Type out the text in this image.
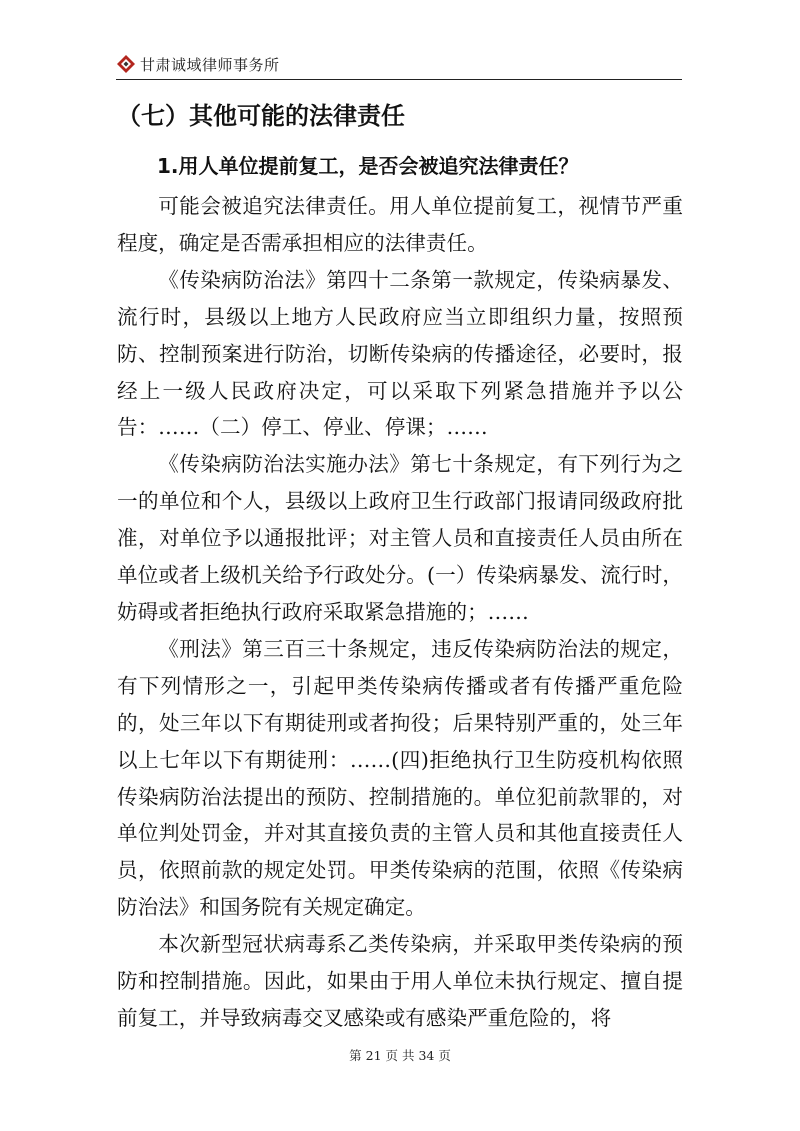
甘肃诚域律师事务所
（七）其他可能的法律责任
1.用人单位提前复工，是否会被追究法律责任？

可能会被追究法律责任。用人单位提前复工，视情节严重程度，确定是否需承担相应的法律责任。

《传染病防治法》第四十二条第一款规定，传染病暴发、流行时，县级以上地方人民政府应当立即组织力量，按照预防、控制预案进行防治，切断传染病的传播途径，必要时，报经上一级人民政府决定，可以采取下列紧急措施并予以公告：……（二）停工、停业、停课；……

《传染病防治法实施办法》第七十条规定，有下列行为之一的单位和个人，县级以上政府卫生行政部门报请同级政府批准，对单位予以通报批评；对主管人员和直接责任人员由所在单位或者上级机关给予行政处分。(一）传染病暴发、流行时，妨碍或者拒绝执行政府采取紧急措施的；……

《刑法》第三百三十条规定，违反传染病防治法的规定，有下列情形之一，引起甲类传染病传播或者有传播严重危险的，处三年以下有期徒刑或者拘役；后果特别严重的，处三年以上七年以下有期徒刑：……(四)拒绝执行卫生防疫机构依照传染病防治法提出的预防、控制措施的。单位犯前款罪的，对单位判处罚金，并对其直接负责的主管人员和其他直接责任人员，依照前款的规定处罚。甲类传染病的范围，依照《传染病防治法》和国务院有关规定确定。

本次新型冠状病毒系乙类传染病，并采取甲类传染病的预防和控制措施。因此，如果由于用人单位未执行规定、擅自提前复工，并导致病毒交叉感染或有感染严重危险的，将

第 21 页 共 34 页
